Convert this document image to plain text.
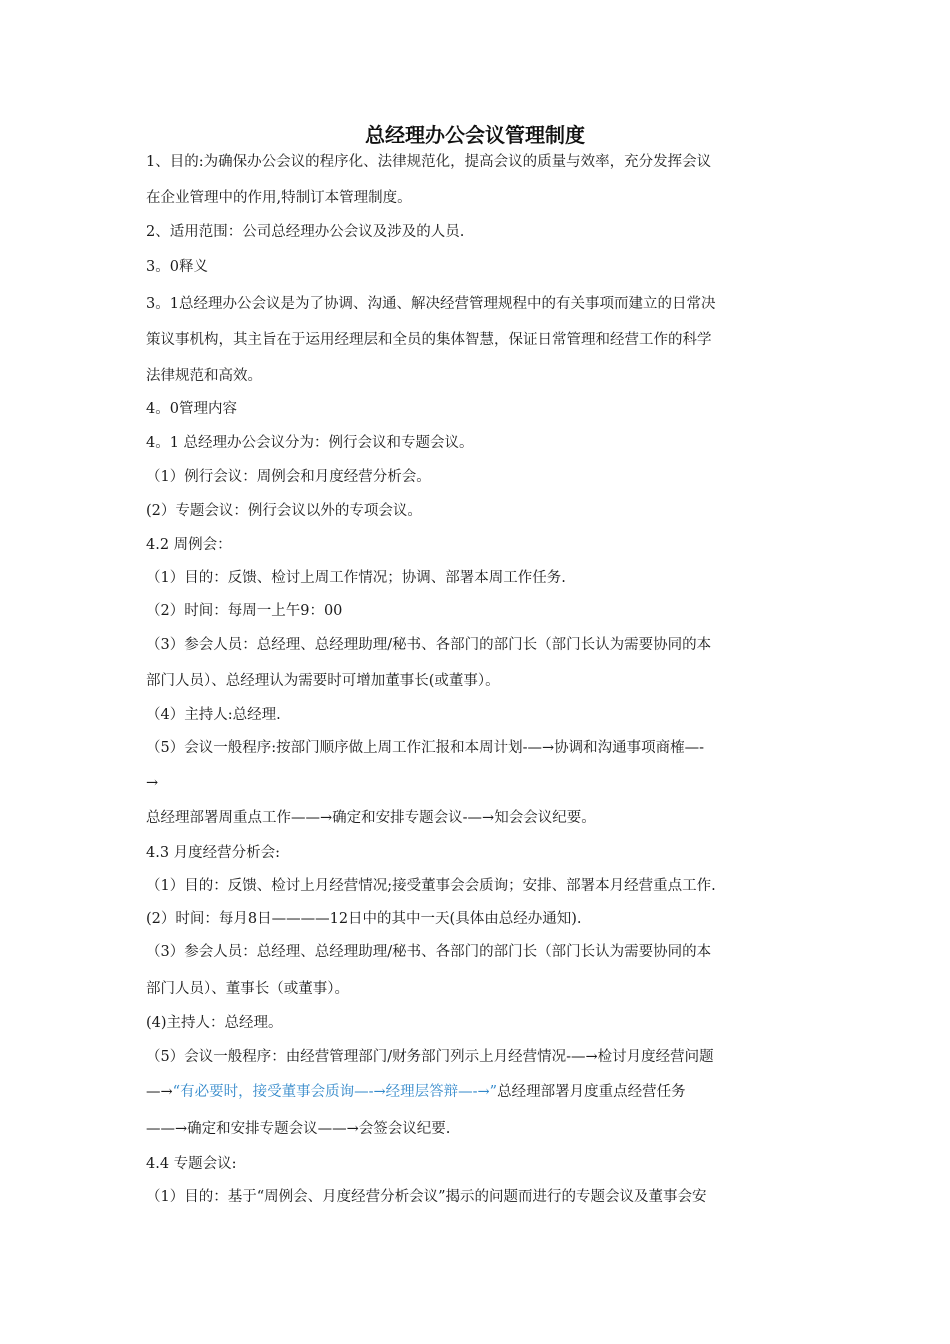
总经理办公会议管理制度
1、目的:为确保办公会议的程序化、法律规范化，提高会议的质量与效率，充分发挥会议
在企业管理中的作用,特制订本管理制度。
2、适用范围：公司总经理办公会议及涉及的人员.
3。0释义
3。1总经理办公会议是为了协调、沟通、解决经营管理规程中的有关事项而建立的日常决
策议事机构，其主旨在于运用经理层和全员的集体智慧，保证日常管理和经营工作的科学
法律规范和高效。
4。0管理内容
4。1 总经理办公会议分为：例行会议和专题会议。
（1）例行会议：周例会和月度经营分析会。
(2）专题会议：例行会议以外的专项会议。
4.2 周例会：
（1）目的：反馈、检讨上周工作情况；协调、部署本周工作任务.
（2）时间：每周一上午9：00
（3）参会人员：总经理、总经理助理/秘书、各部门的部门长（部门长认为需要协同的本
部门人员）、总经理认为需要时可增加董事长(或董事）。
（4）主持人:总经理.
（5）会议一般程序:按部门顺序做上周工作汇报和本周计划-—→协调和沟通事项商榷—-
→
总经理部署周重点工作——→确定和安排专题会议-—→知会会议纪要。
4.3 月度经营分析会:
（1）目的：反馈、检讨上月经营情况;接受董事会会质询；安排、部署本月经营重点工作.
(2）时间：每月8日————12日中的其中一天(具体由总经办通知).
（3）参会人员：总经理、总经理助理/秘书、各部门的部门长（部门长认为需要协同的本
部门人员）、董事长（或董事）。
(4)主持人：总经理。
（5）会议一般程序：由经营管理部门/财务部门列示上月经营情况-—→检讨月度经营问题
—→“有必要时，接受董事会质询—-→经理层答辩—-→”总经理部署月度重点经营任务
——→确定和安排专题会议——→会签会议纪要.
4.4 专题会议:
（1）目的：基于“周例会、月度经营分析会议”揭示的问题而进行的专题会议及董事会安
